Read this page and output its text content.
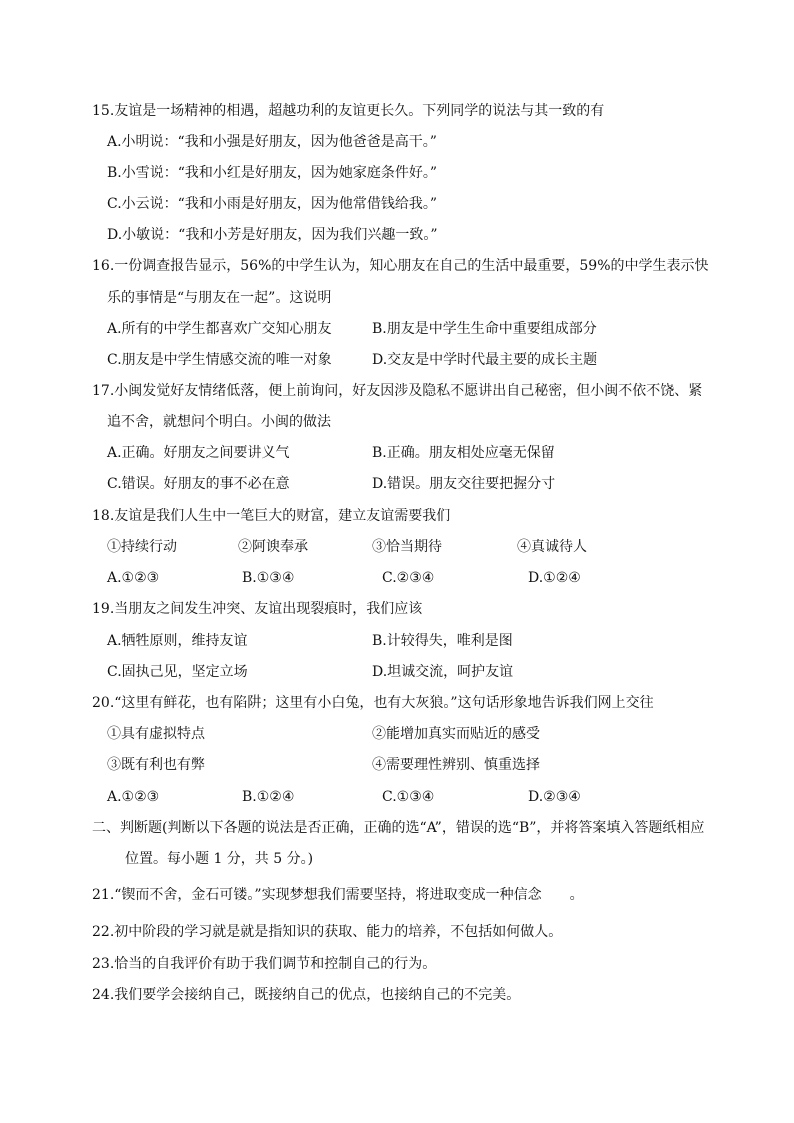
15.友谊是一场精神的相遇，超越功利的友谊更长久。下列同学的说法与其一致的有
A.小明说：“我和小强是好朋友，因为他爸爸是高干。”
B.小雪说：“我和小红是好朋友，因为她家庭条件好。”
C.小云说：“我和小雨是好朋友，因为他常借钱给我。”
D.小敏说：“我和小芳是好朋友，因为我们兴趣一致。”
16.一份调查报告显示，56%的中学生认为，知心朋友在自己的生活中最重要，59%的中学生表示快
乐的事情是“与朋友在一起”。这说明
A.所有的中学生都喜欢广交知心朋友	B.朋友是中学生生命中重要组成部分
C.朋友是中学生情感交流的唯一对象	D.交友是中学时代最主要的成长主题
17.小闽发觉好友情绪低落，便上前询问，好友因涉及隐私不愿讲出自己秘密，但小闽不依不饶、紧
追不舍，就想问个明白。小闽的做法
A.正确。好朋友之间要讲义气	B.正确。朋友相处应毫无保留
C.错误。好朋友的事不必在意	D.错误。朋友交往要把握分寸
18.友谊是我们人生中一笔巨大的财富，建立友谊需要我们
①持续行动	②阿谀奉承	③恰当期待	④真诚待人
A.①②③	B.①③④	C.②③④	D.①②④
19.当朋友之间发生冲突、友谊出现裂痕时，我们应该
A.牺牲原则，维持友谊	B.计较得失，唯利是图
C.固执己见，坚定立场	D.坦诚交流，呵护友谊
20.“这里有鲜花，也有陷阱；这里有小白兔，也有大灰狼。”这句话形象地告诉我们网上交往
①具有虚拟特点	②能增加真实而贴近的感受
③既有利也有弊	④需要理性辨别、慎重选择
A.①②③	B.①②④	C.①③④	D.②③④
二、判断题(判断以下各题的说法是否正确，正确的选“A”，错误的选“B”，并将答案填入答题纸相应
位置。每小题 1 分，共 5 分。)
21.“锲而不舍，金石可镂。”实现梦想我们需要坚持，将进取变成一种信念　　。
22.初中阶段的学习就是就是指知识的获取、能力的培养，不包括如何做人。
23.恰当的自我评价有助于我们调节和控制自己的行为。
24.我们要学会接纳自己，既接纳自己的优点，也接纳自己的不完美。
